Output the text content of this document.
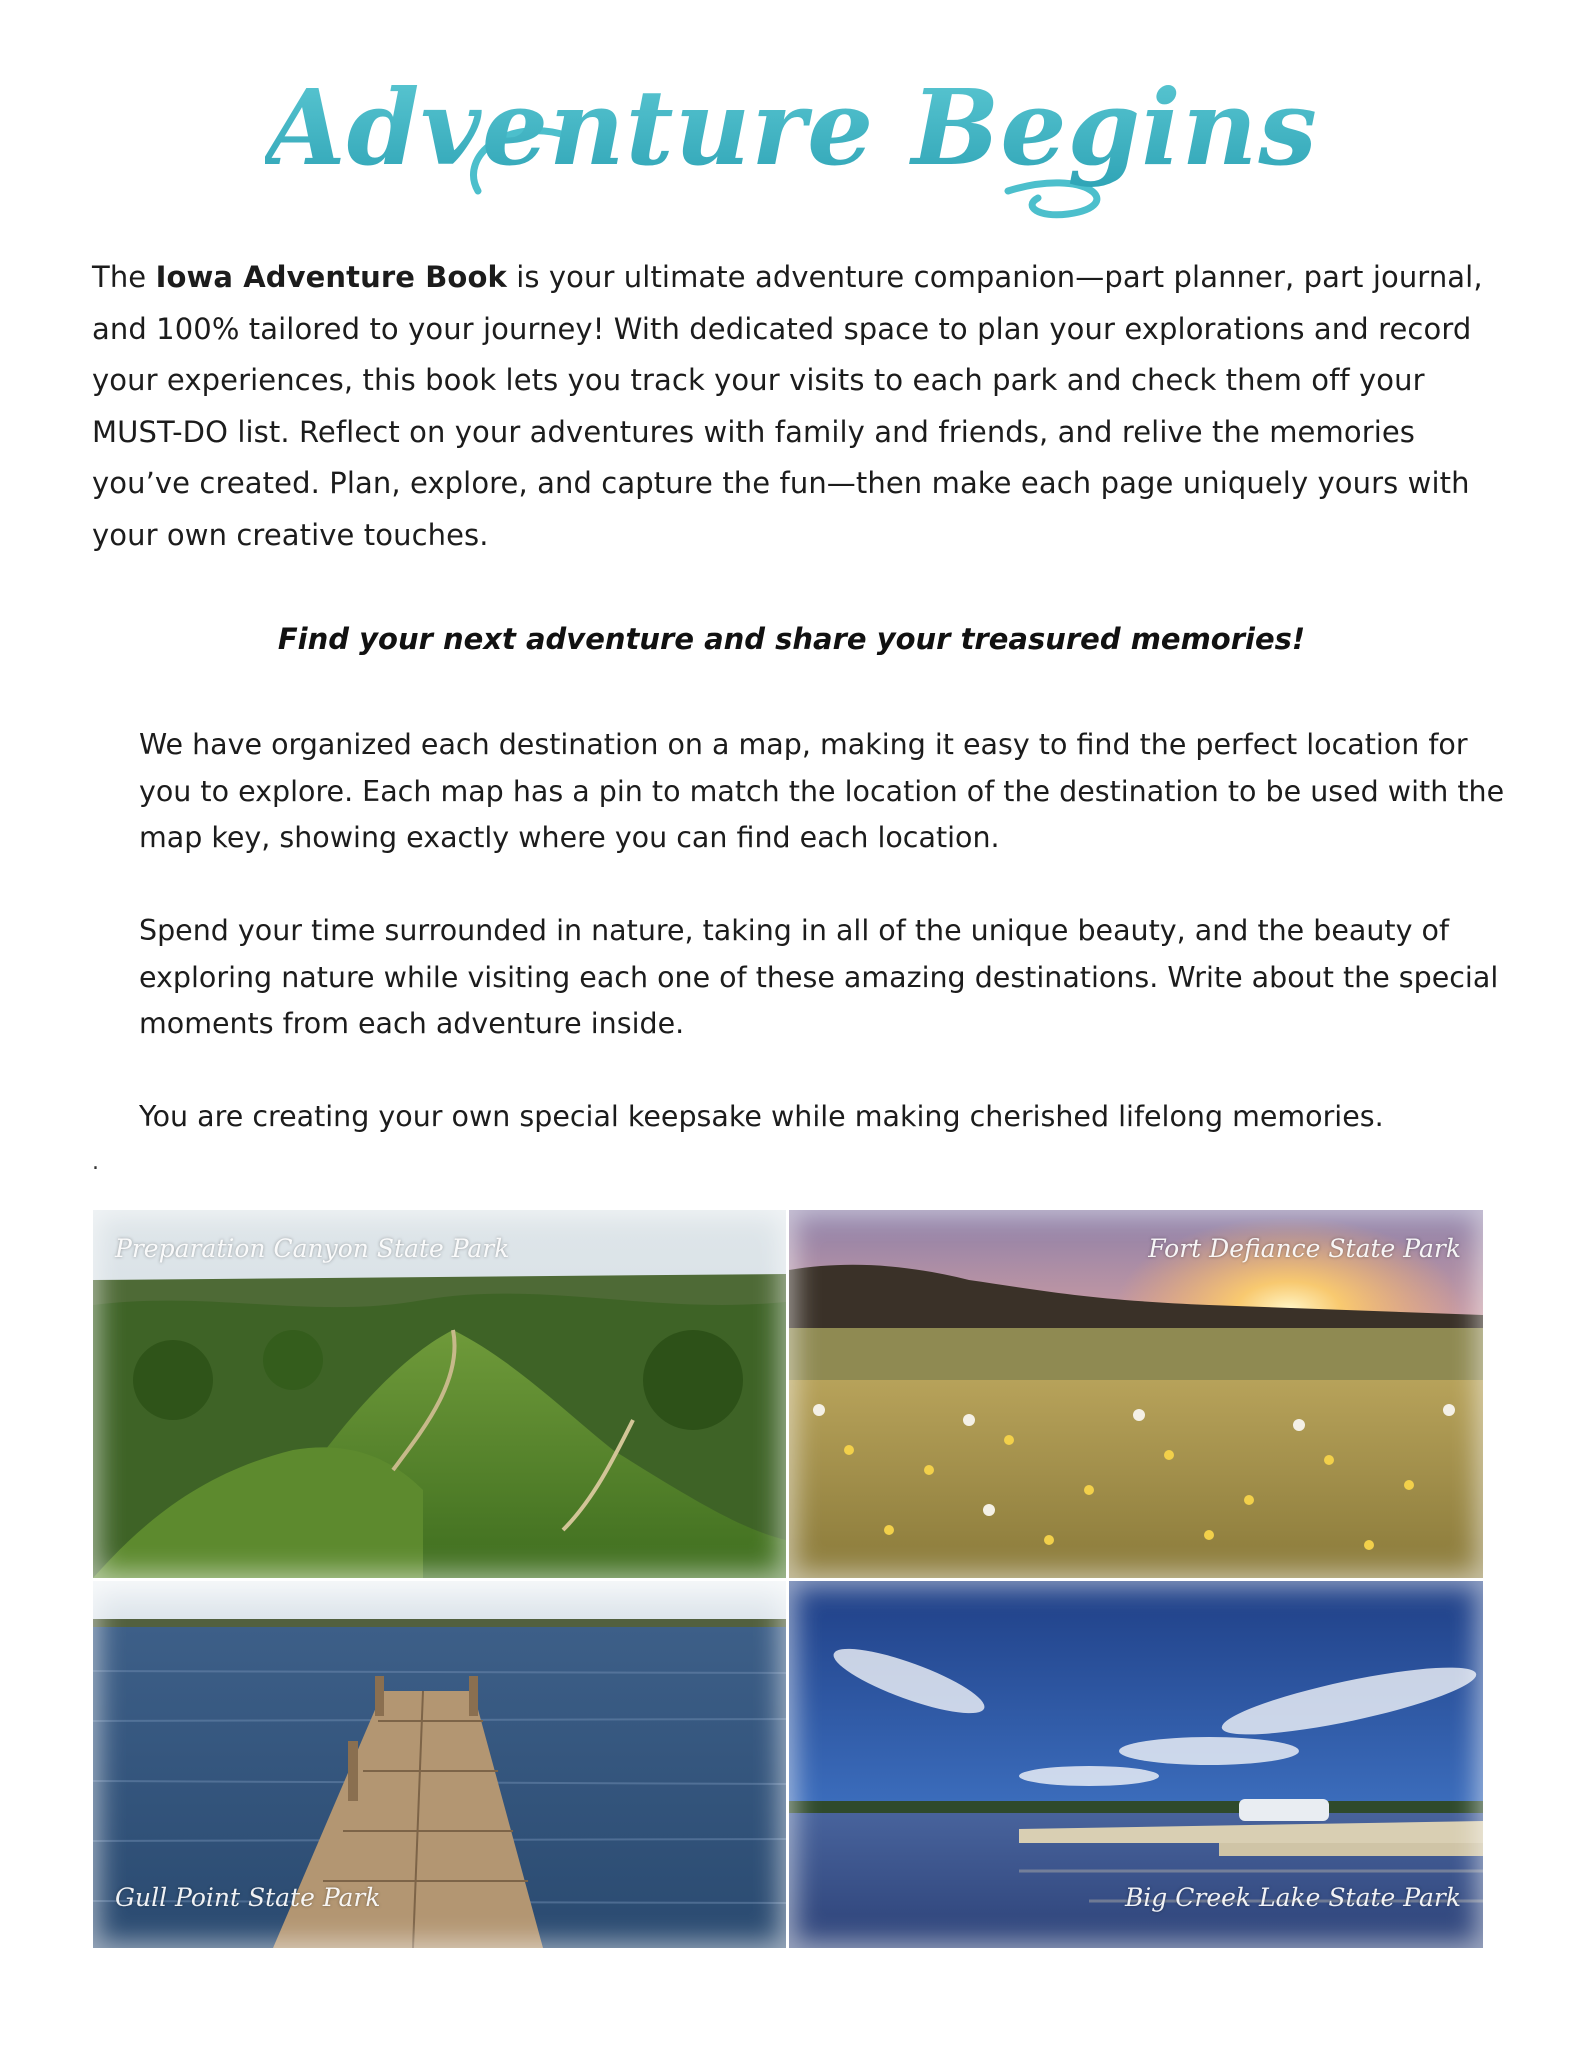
Adventure Begins

The Iowa Adventure Book is your ultimate adventure companion—part planner, part journal, and 100% tailored to your journey! With dedicated space to plan your explorations and record your experiences, this book lets you track your visits to each park and check them off your MUST-DO list. Reflect on your adventures with family and friends, and relive the memories you’ve created. Plan, explore, and capture the fun—then make each page uniquely yours with your own creative touches.

Find your next adventure and share your treasured memories!

We have organized each destination on a map, making it easy to find the perfect location for you to explore. Each map has a pin to match the location of the destination to be used with the map key, showing exactly where you can find each location.

Spend your time surrounded in nature, taking in all of the unique beauty, and the beauty of exploring nature while visiting each one of these amazing destinations. Write about the special moments from each adventure inside.

You are creating your own special keepsake while making cherished lifelong memories.

.
Preparation Canyon State Park	Fort Defiance State Park
Gull Point State Park	Big Creek Lake State Park
